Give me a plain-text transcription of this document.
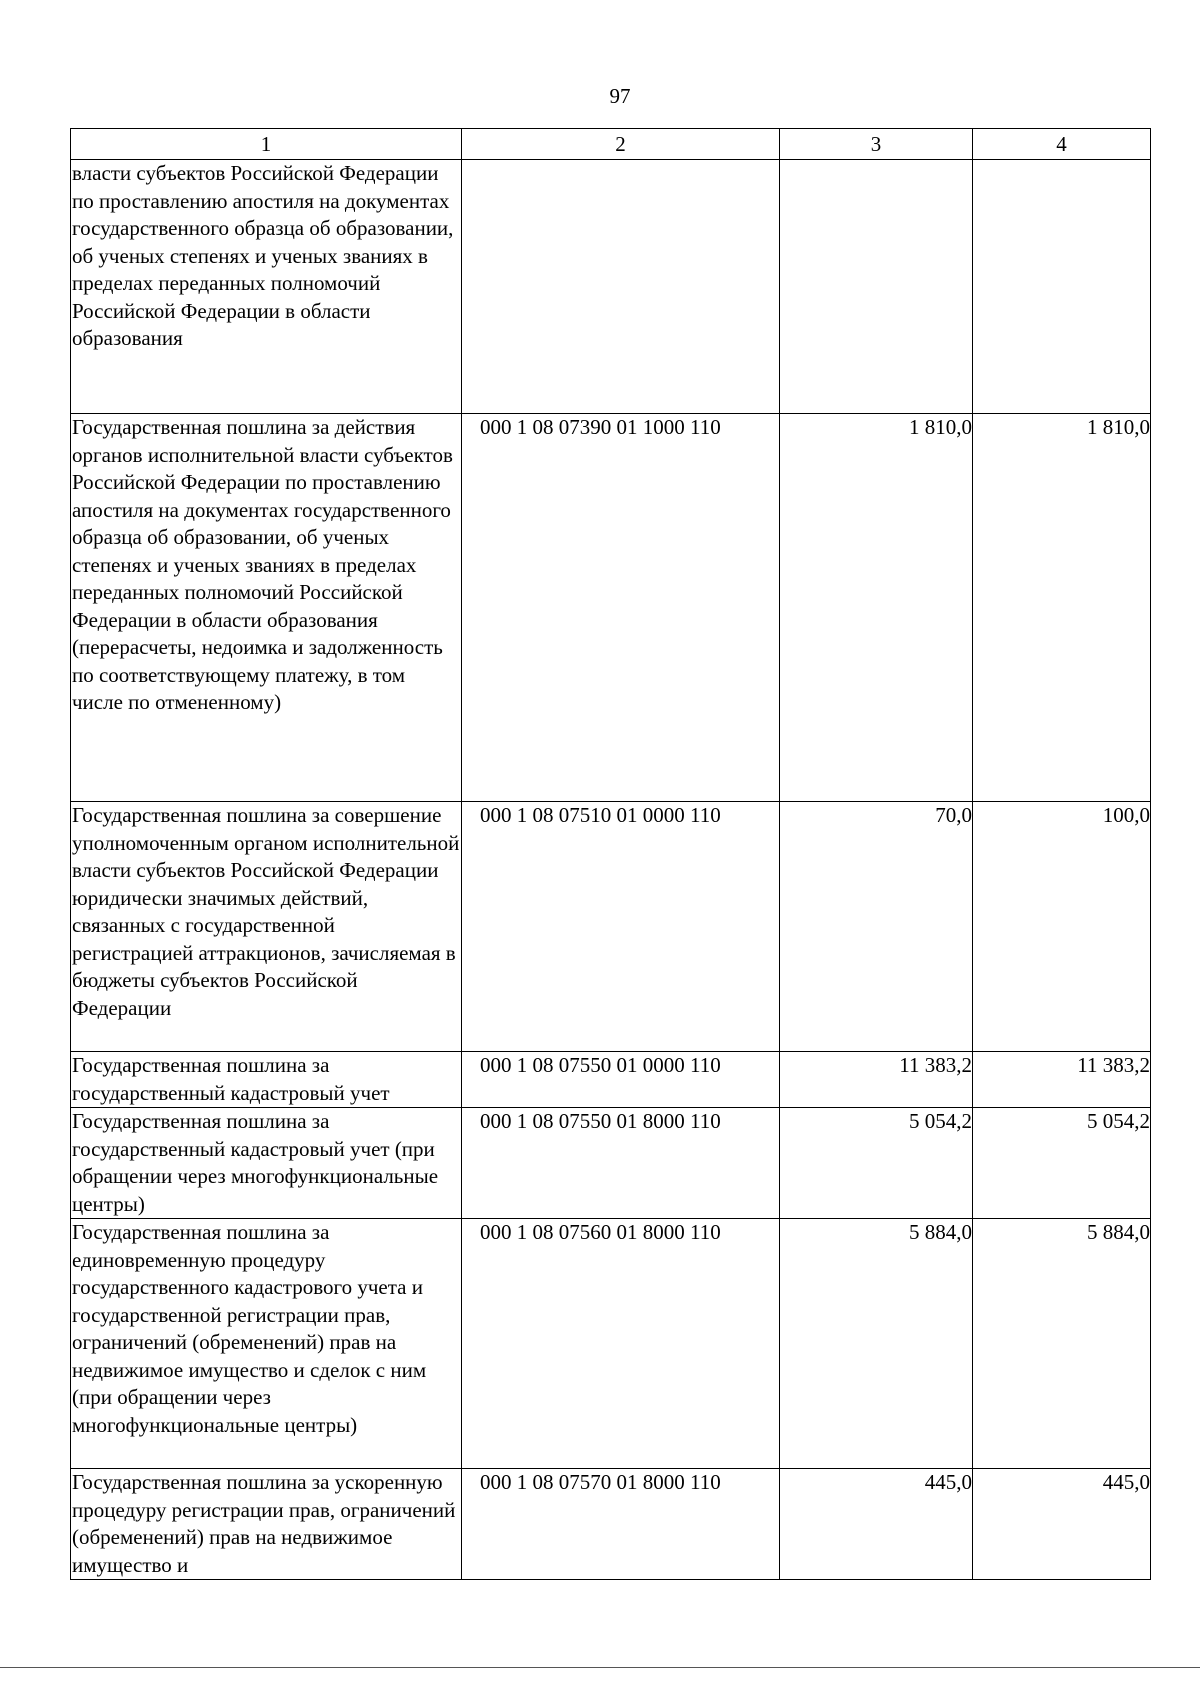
97
1	2	3	4
власти субъектов Российской Федерации по проставлению апостиля на документах государственного образца об образовании, об ученых степенях и ученых званиях в пределах переданных полномочий Российской Федерации в области образования			
Государственная пошлина за действия органов исполнительной власти субъектов Российской Федерации по проставлению апостиля на документах государственного образца об образовании, об ученых степенях и ученых званиях в пределах переданных полномочий Российской Федерации в области образования (перерасчеты, недоимка и задолженность по соответствующему платежу, в том числе по отмененному)	000 1 08 07390 01 1000 110	1 810,0	1 810,0
Государственная пошлина за совершение уполномоченным органом исполнительной власти субъектов Российской Федерации юридически значимых действий, связанных с государственной регистрацией аттракционов, зачисляемая в бюджеты субъектов Российской Федерации	000 1 08 07510 01 0000 110	70,0	100,0
Государственная пошлина за государственный кадастровый учет	000 1 08 07550 01 0000 110	11 383,2	11 383,2
Государственная пошлина за государственный кадастровый учет (при обращении через многофункциональные центры)	000 1 08 07550 01 8000 110	5 054,2	5 054,2
Государственная пошлина за единовременную процедуру государственного кадастрового учета и государственной регистрации прав, ограничений (обременений) прав на недвижимое имущество и сделок с ним (при обращении через многофункциональные центры)	000 1 08 07560 01 8000 110	5 884,0	5 884,0
Государственная пошлина за ускоренную процедуру регистрации прав, ограничений (обременений) прав на недвижимое имущество и	000 1 08 07570 01 8000 110	445,0	445,0
